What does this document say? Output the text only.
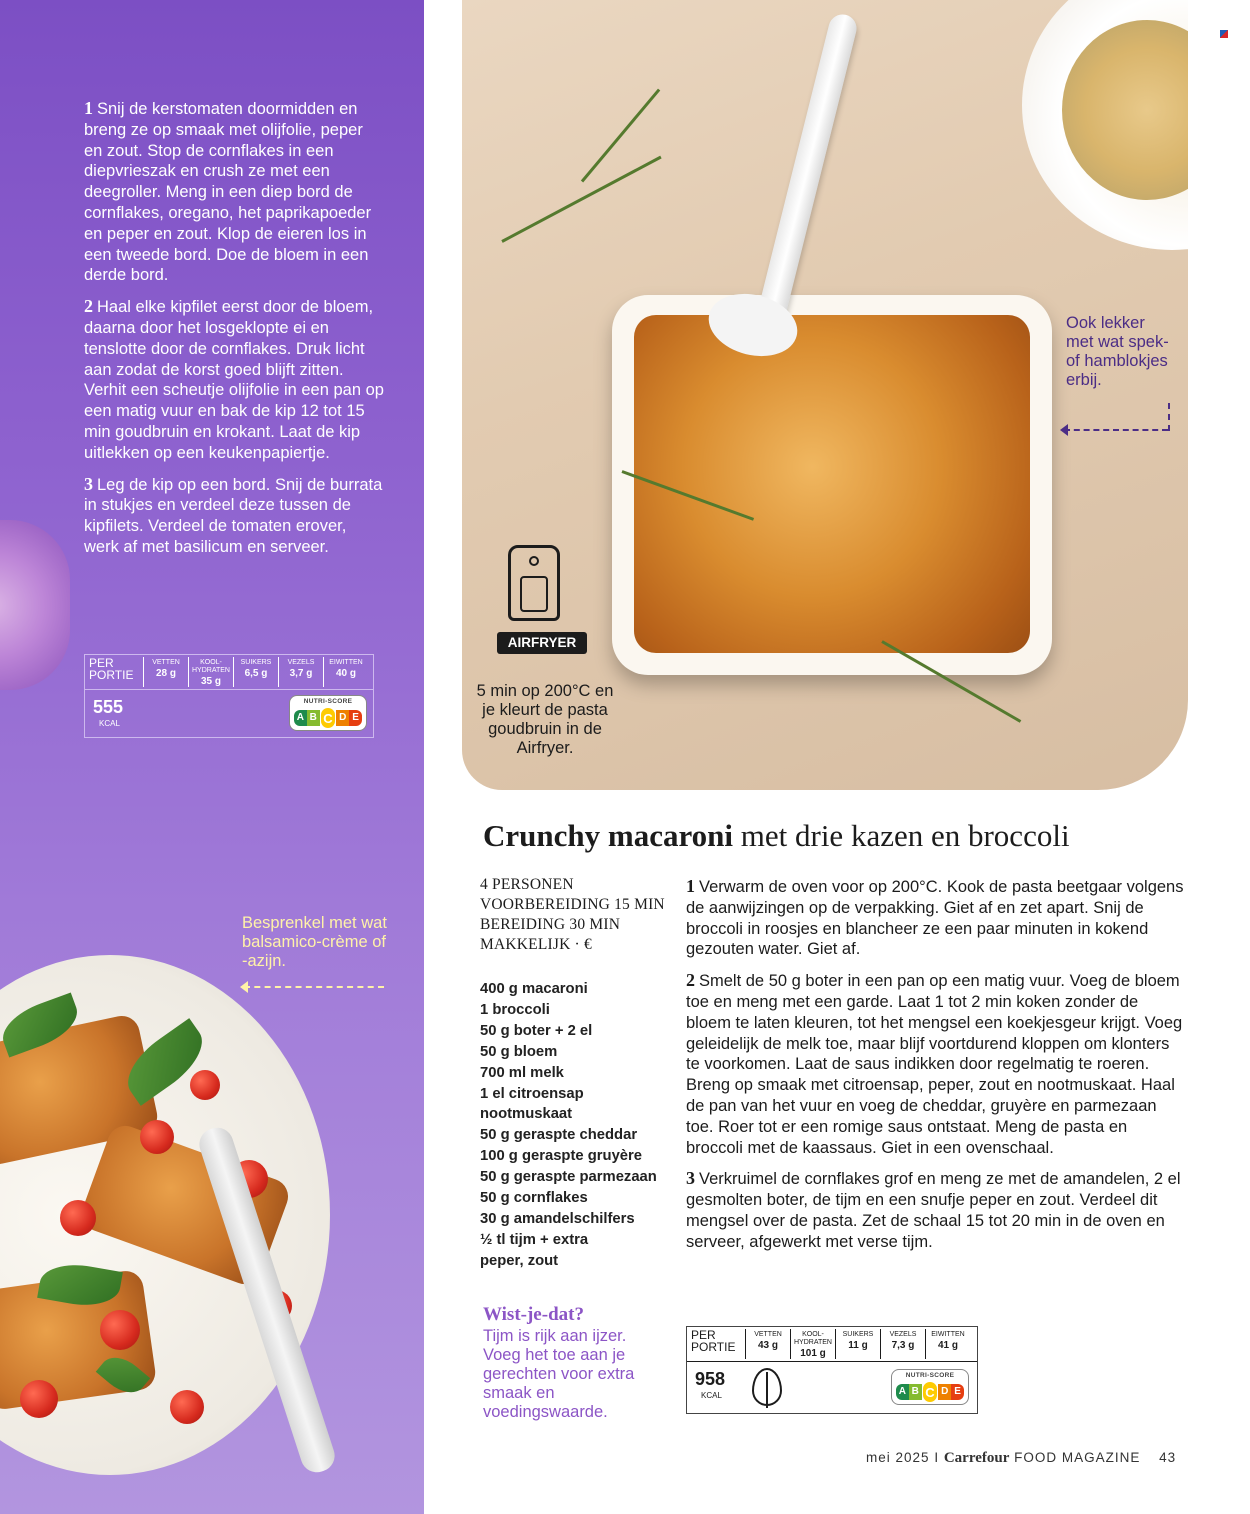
1 Snij de kerstomaten doormidden en breng ze op smaak met olijfolie, peper en zout. Stop de cornflakes in een diepvrieszak en crush ze met een deegroller. Meng in een diep bord de cornflakes, oregano, het paprikapoeder en peper en zout. Klop de eieren los in een tweede bord. Doe de bloem in een derde bord.

2 Haal elke kipfilet eerst door de bloem, daarna door het losgeklopte ei en tenslotte door de cornflakes. Druk licht aan zodat de korst goed blijft zitten. Verhit een scheutje olijfolie in een pan op een matig vuur en bak de kip 12 tot 15 min goudbruin en krokant. Laat de kip uitlekken op een keukenpapiertje.

3 Leg de kip op een bord. Snij de burrata in stukjes en verdeel deze tussen de kipfilets. Verdeel de tomaten erover, werk af met basilicum en serveer.

PER PORTIE
VETTEN
28 g
KOOL-HYDRATEN
35 g
SUIKERS
6,5 g
VEZELS
3,7 g
EIWITTEN
40 g
555
KCAL
NUTRI-SCORE
A B C D E
Besprenkel met wat balsamico-crème of -azijn.
Ook lekker met wat spek- of hamblokjes erbij.
AIRFRYER
5 min op 200°C en je kleurt de pasta goudbruin in de Airfryer.
Crunchy macaroni met drie kazen en broccoli
4 PERSONEN
VOORBEREIDING 15 MIN
BEREIDING 30 MIN
MAKKELIJK · €
400 g macaroni
1 broccoli
50 g boter + 2 el
50 g bloem
700 ml melk
1 el citroensap
nootmuskaat
50 g geraspte cheddar
100 g geraspte gruyère
50 g geraspte parmezaan
50 g cornflakes
30 g amandelschilfers
½ tl tijm + extra
peper, zout
Wist-je-dat?
Tijm is rijk aan ijzer. Voeg het toe aan je gerechten voor extra smaak en voedingswaarde.

1 Verwarm de oven voor op 200°C. Kook de pasta beetgaar volgens de aanwijzingen op de verpakking. Giet af en zet apart. Snij de broccoli in roosjes en blancheer ze een paar minuten in kokend gezouten water. Giet af.

2 Smelt de 50 g boter in een pan op een matig vuur. Voeg de bloem toe en meng met een garde. Laat 1 tot 2 min koken zonder de bloem te laten kleuren, tot het mengsel een koekjesgeur krijgt. Voeg geleidelijk de melk toe, maar blijf voortdurend kloppen om klonters te voorkomen. Laat de saus indikken door regelmatig te roeren. Breng op smaak met citroensap, peper, zout en nootmuskaat. Haal de pan van het vuur en voeg de cheddar, gruyère en parmezaan toe. Roer tot er een romige saus ontstaat. Meng de pasta en broccoli met de kaassaus. Giet in een ovenschaal.

3 Verkruimel de cornflakes grof en meng ze met de amandelen, 2 el gesmolten boter, de tijm en een snufje peper en zout. Verdeel dit mengsel over de pasta. Zet de schaal 15 tot 20 min in de oven en serveer, afgewerkt met verse tijm.

PER PORTIE
VETTEN
43 g
KOOL-HYDRATEN
101 g
SUIKERS
11 g
VEZELS
7,3 g
EIWITTEN
41 g
958
KCAL
NUTRI-SCORE
A B C D E
mei 2025 I Carrefour FOOD MAGAZINE 43
